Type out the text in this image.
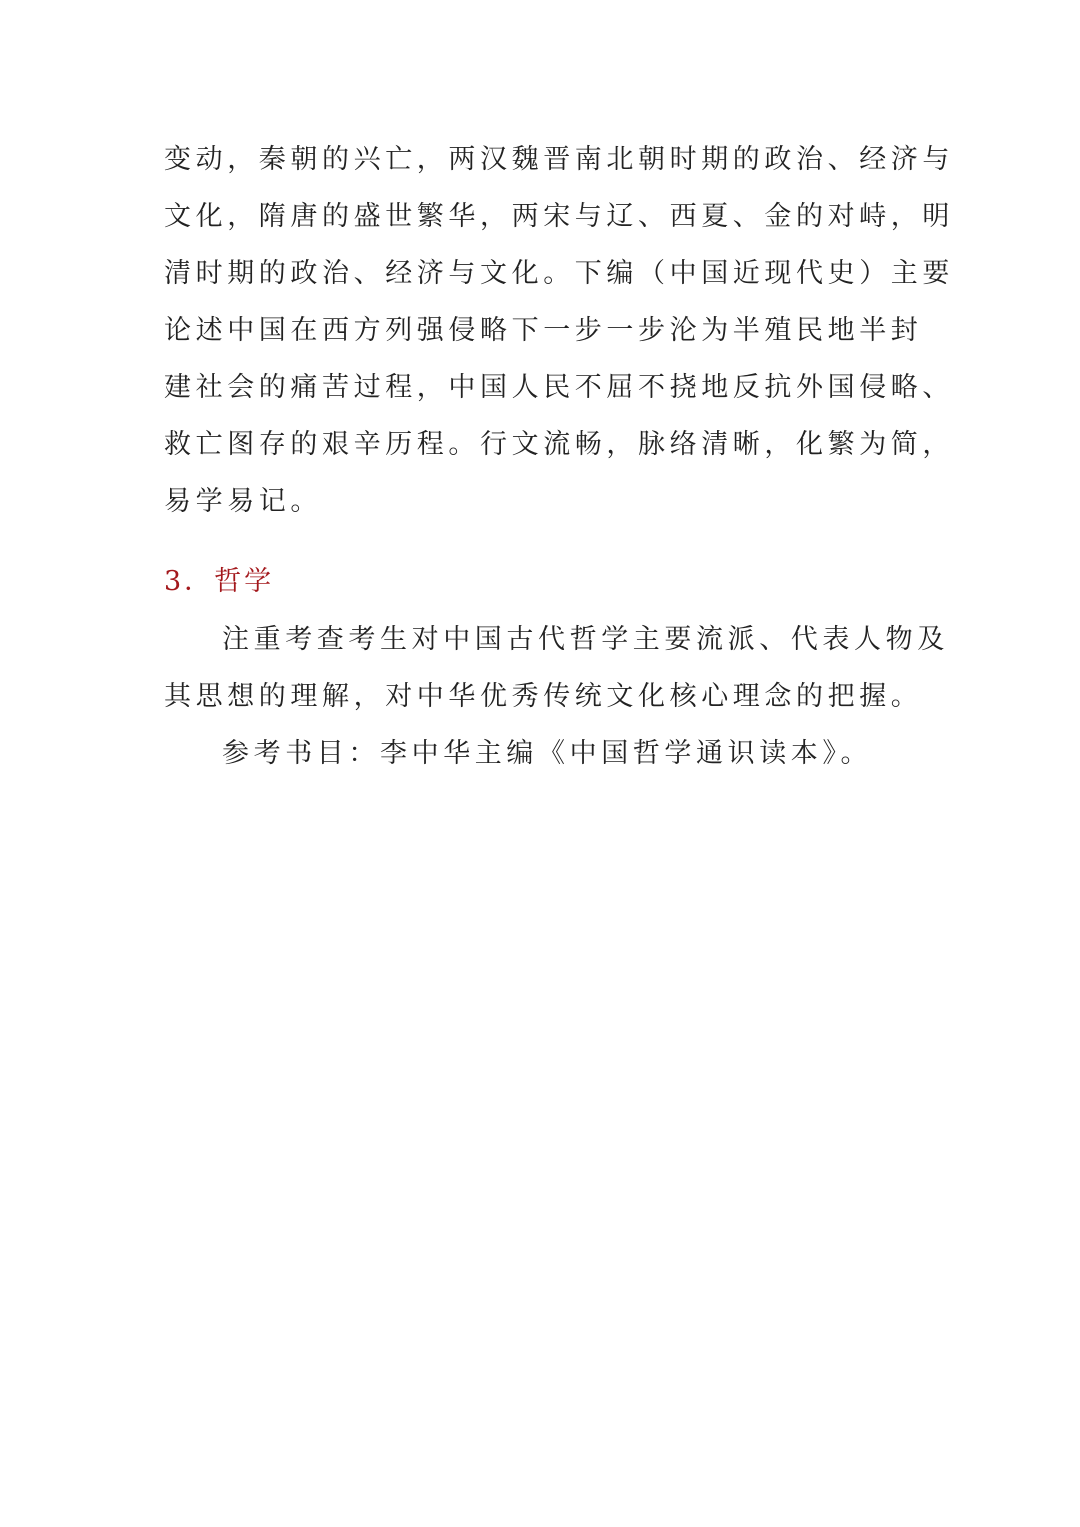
变动，秦朝的兴亡，两汉魏晋南北朝时期的政治、经济与
文化，隋唐的盛世繁华，两宋与辽、西夏、金的对峙，明
清时期的政治、经济与文化。下编（中国近现代史）主要
论述中国在西方列强侵略下一步一步沦为半殖民地半封
建社会的痛苦过程，中国人民不屈不挠地反抗外国侵略、
救亡图存的艰辛历程。行文流畅，脉络清晰，化繁为简，
易学易记。
3．哲学
注重考查考生对中国古代哲学主要流派、代表人物及
其思想的理解，对中华优秀传统文化核心理念的把握。
参考书目：李中华主编《中国哲学通识读本》。
